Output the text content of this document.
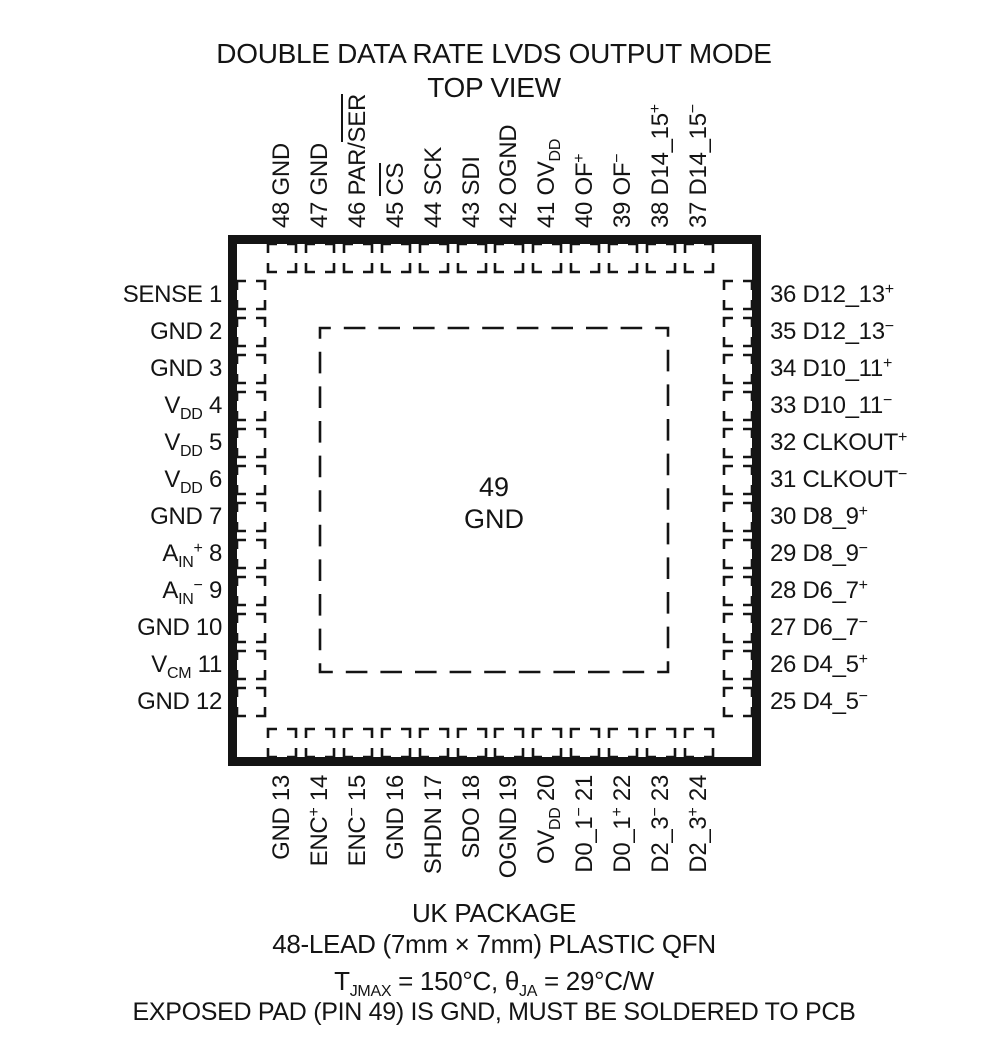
DOUBLE DATA RATE LVDS OUTPUT MODE
TOP VIEW
SENSE 1
GND 2
GND 3
$V_{DD}$ 4
$V_{DD}$ 5
$V_{DD}$ 6
GND 7
$A_{IN}^+$ 8
$A_{IN}^-$ 9
GND 10
$V_{CM}$ 11
GND 12
36 D12_13+
35 D12_13−
34 D10_11+
33 D10_11−
32 CLKOUT+
31 CLKOUT−
30 D8_9+
29 D8_9−
28 D6_7+
27 D6_7−
26 D4_5+
25 D4_5−
48 GND
47 GND
46 PAR/SER
45 CS
44 SCK
43 SDI
42 OGND
41 $OV_{DD}$
40 OF+
39 OF−
38 D14_15+
37 D14_15−
GND 13
ENC+ 14
ENC− 15
GND 16
SHDN 17
SDO 18
OGND 19
$OV_{DD}$ 20
D0_1− 21
D0_1+ 22
D2_3− 23
D2_3+ 24
49
GND
UK PACKAGE
48-LEAD (7mm × 7mm) PLASTIC QFN
$T_{JMAX} = 150^\circ C$, $\theta_{JA} = 29^\circ C/W$
EXPOSED PAD (PIN 49) IS GND, MUST BE SOLDERED TO PCB
